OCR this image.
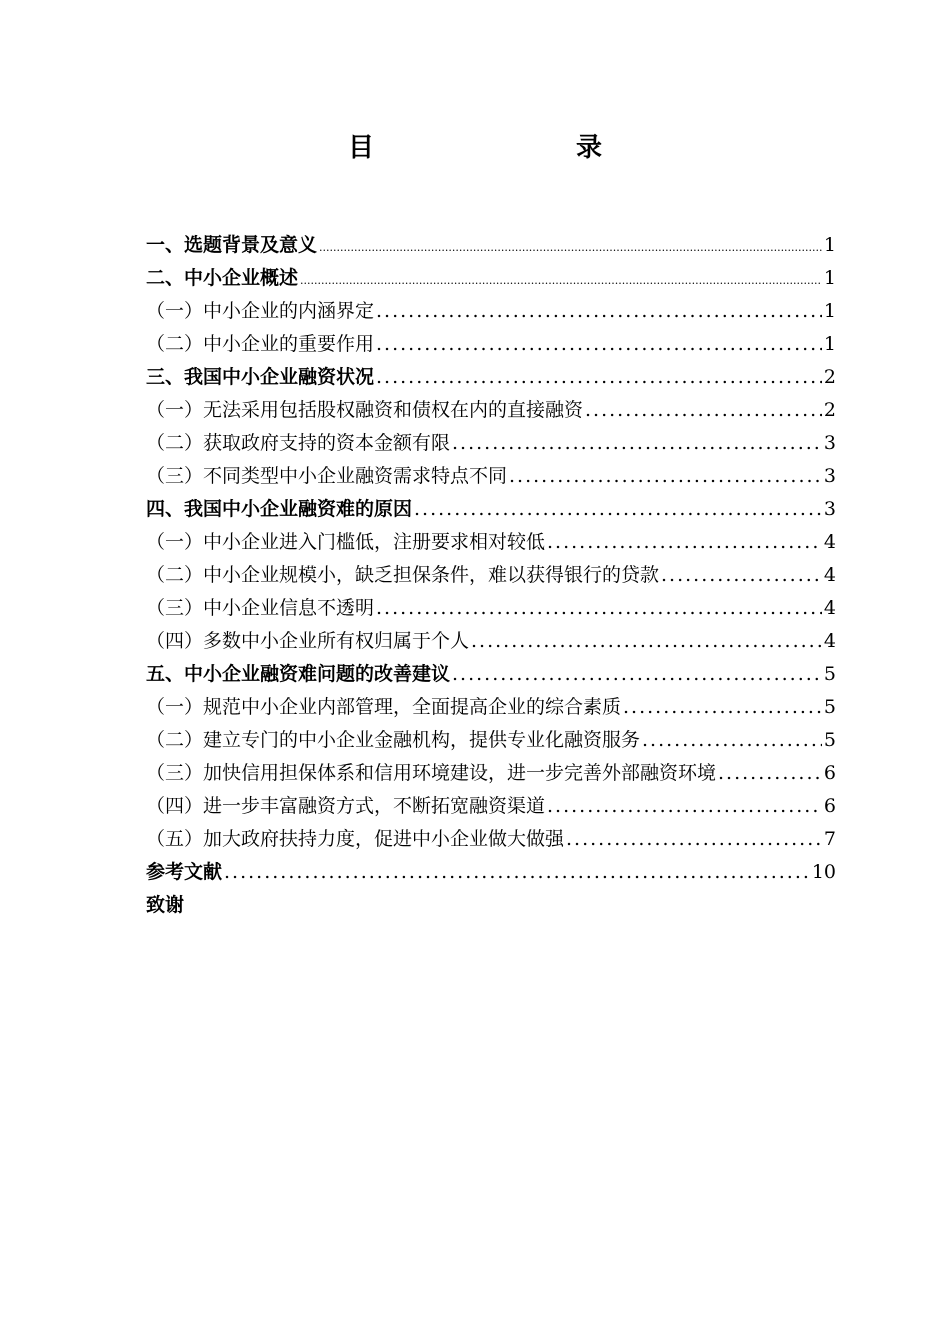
目　　录
一、选题背景及意义 .....	1
二、中小企业概述 .....	1
（一）中小企业的内涵界定 .....	1
（二）中小企业的重要作用 .....	1
三、我国中小企业融资状况 .....	2
（一）无法采用包括股权融资和债权在内的直接融资 .....	2
（二）获取政府支持的资本金额有限 .....	3
（三）不同类型中小企业融资需求特点不同 .....	3
四、我国中小企业融资难的原因 .....	3
（一）中小企业进入门槛低，注册要求相对较低 .....	4
（二）中小企业规模小，缺乏担保条件，难以获得银行的贷款 .....	4
（三）中小企业信息不透明 .....	4
（四）多数中小企业所有权归属于个人 .....	4
五、中小企业融资难问题的改善建议 .....	5
（一）规范中小企业内部管理，全面提高企业的综合素质 .....	5
（二）建立专门的中小企业金融机构，提供专业化融资服务 .....	5
（三）加快信用担保体系和信用环境建设，进一步完善外部融资环境 .....	6
（四）进一步丰富融资方式，不断拓宽融资渠道 .....	6
（五）加大政府扶持力度，促进中小企业做大做强 .....	7
参考文献 .....	10
致谢
